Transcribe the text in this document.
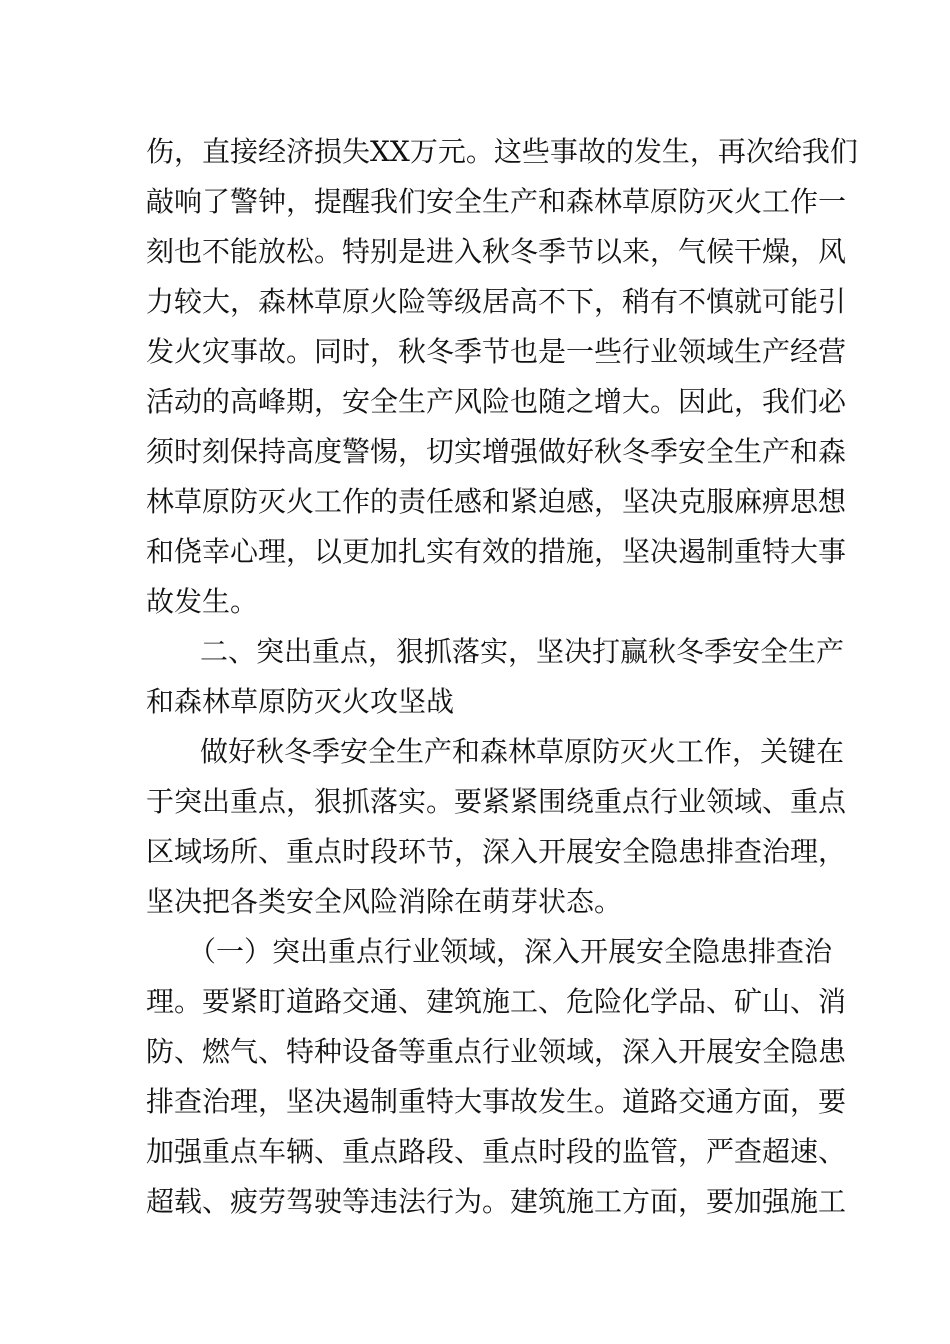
伤，直接经济损失XX万元。这些事故的发生，再次给我们

敲响了警钟，提醒我们安全生产和森林草原防灭火工作一

刻也不能放松。特别是进入秋冬季节以来，气候干燥，风

力较大，森林草原火险等级居高不下，稍有不慎就可能引

发火灾事故。同时，秋冬季节也是一些行业领域生产经营

活动的高峰期，安全生产风险也随之增大。因此，我们必

须时刻保持高度警惕，切实增强做好秋冬季安全生产和森

林草原防灭火工作的责任感和紧迫感，坚决克服麻痹思想

和侥幸心理，以更加扎实有效的措施，坚决遏制重特大事

故发生。

二、突出重点，狠抓落实，坚决打赢秋冬季安全生产

和森林草原防灭火攻坚战

做好秋冬季安全生产和森林草原防灭火工作，关键在

于突出重点，狠抓落实。要紧紧围绕重点行业领域、重点

区域场所、重点时段环节，深入开展安全隐患排查治理，

坚决把各类安全风险消除在萌芽状态。

（一）突出重点行业领域，深入开展安全隐患排查治

理。要紧盯道路交通、建筑施工、危险化学品、矿山、消

防、燃气、特种设备等重点行业领域，深入开展安全隐患

排查治理，坚决遏制重特大事故发生。道路交通方面，要

加强重点车辆、重点路段、重点时段的监管，严查超速、

超载、疲劳驾驶等违法行为。建筑施工方面，要加强施工
